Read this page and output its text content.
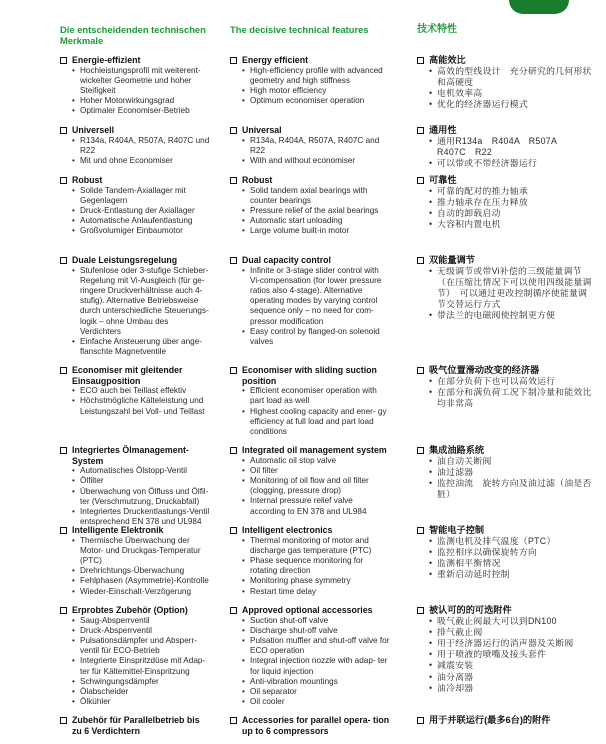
Die entscheidenden technischen Merkmale
Energie-effizient
• Hochleistungsprofil mit weiterent- wickelter Geometrie und hoher Steifigkeit
• Hoher Motorwirkungsgrad
• Optimaler Economiser-Betrieb
Universell
• R134a, R404A, R507A, R407C und R22
• Mit und ohne Economiser
Robust
• Solide Tandem-Axiallager mit Gegenlagern
• Druck-Entlastung der Axiallager
• Automatische Anlaufentlastung
• Großvolumiger Einbaumotor
Duale Leistungsregelung
• Stufenlose oder 3-stufige Schieber- Regelung mit Vi-Ausgleich (für ge- ringere Druckverhältnisse auch 4-stufig). Alternative Betriebsweise durch unterschiedliche Steuerungs- logik – ohne Umbau des Verdichters
• Einfache Ansteuerung über ange- flanschte Magnetventile
Economiser mit gleitender Einsaugposition
• ECO auch bei Teillast effektiv
• Höchstmögliche Kälteleistung und Leistungszahl bei Voll- und Teillast
Integriertes Ölmanagement-System
• Automatisches Ölstopp-Ventil
• Ölfilter
• Überwachung von Ölfluss und Ölfil- ter (Verschmutzung, Druckabfall)
• Integriertes Druckentlastungs-Ventil entsprechend EN 378 und UL984
Intelligente Elektronik
• Thermische Überwachung der Motor- und Druckgas-Temperatur (PTC)
• Drehrichtungs-Überwachung
• Fehlphasen (Asymmetrie)-Kontrolle
• Wieder-Einschalt-Verzögerung
Erprobtes Zubehör (Option)
• Saug-Absperrventil
• Druck-Absperrventil
• Pulsationsdämpfer und Absperr- ventil für ECO-Betrieb
• Integrierte Einspritzdüse mit Adap- ter für Kältemittel-Einspritzung
• Schwingungsdämpfer
• Ölabscheider
• Ölkühler
Zubehör für Parallelbetrieb bis zu 6 Verdichtern
The decisive technical features
Energy efficient
• High-efficiency profile with advanced geometry and high stiffness
• High motor efficiency
• Optimum economiser operation
Universal
• R134a, R404A, R507A, R407C and R22
• With and without economiser
Robust
• Solid tandem axial bearings with counter bearings
• Pressure relief of the axial bearings
• Automatic start unloading
• Large volume built-in motor
Dual capacity control
• Infinite or 3-stage slider control with Vi-compensation (for lower pressure ratios also 4-stage). Alternative operating modes by varying control sequence only – no need for com- pressor modification
• Easy control by flanged-on solenoid valves
Economiser with sliding suction position
• Efficient economiser operation with part load as well
• Highest cooling capacity and ener- gy efficiency at full load and part load conditions
Integrated oil management system
• Automatic oil stop valve
• Oil filter
• Monitoring of oil flow and oil filter (clogging, pressure drop)
• Internal pressure relief valve according to EN 378 and UL984
Intelligent electronics
• Thermal monitoring of motor and discharge gas temperature (PTC)
• Phase sequence monitoring for rotating direction
• Monitoring phase symmetry
• Restart time delay
Approved optional accessories
• Suction shut-off valve
• Discharge shut-off valve
• Pulsation muffler and shut-off valve for ECO operation
• Integral injection nozzle with adap- ter for liquid injection
• Anti-vibration mountings
• Oil separator
• Oil cooler
Accessories for parallel opera- tion up to 6 compressors
技术特性
高能效比
• 高效的型线设计　充分研究的几何形状和高硬度
• 电机效率高
• 优化的经济器运行模式
通用性
• 通用R134a　R404A　R507A　R407C　R22
• 可以带或不带经济器运行
可靠性
• 可靠的配对的推力轴承
• 推力轴承存在压力释放
• 自动的卸载启动
• 大容积内置电机
双能量调节
• 无级调节或带Vi补偿的三级能量调节（在压缩比情况下可以使用四级能量调节）　可以通过更改控制循序使能量调节交替运行方式
• 带法兰的电磁阀使控制更方便
吸气位置滑动改变的经济器
• 在部分负荷下也可以高效运行
• 在部分和满负荷工况下制冷量和能效比均非常高
集成油路系统
• 油自动关断阀
• 油过滤器
• 监控油流　旋转方向及油过滤（油是否脏）
智能电子控制
• 监测电机及排气温度（PTC）
• 监控相序以确保旋转方向
• 监测相平衡情况
• 重新启动延时控制
被认可的的可选附件
• 吸气截止阀最大可以到DN100
• 排气截止阀
• 用于经济器运行的消声器及关断阀
• 用于喷液的喷嘴及接头套件
• 减震安装
• 油分离器
• 油冷却器
用于并联运行(最多6台)的附件
